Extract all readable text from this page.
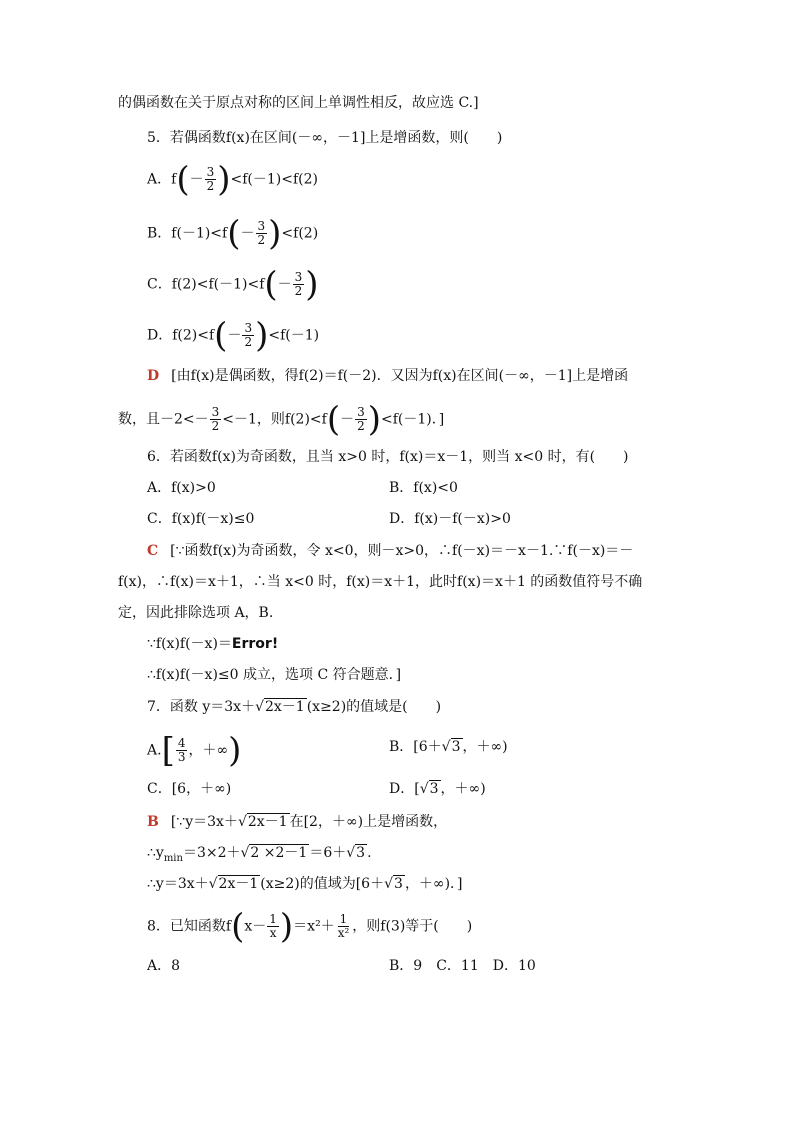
的偶函数在关于原点对称的区间上单调性相反，故应选 C.]
5．若偶函数f(x)在区间(－∞，－1]上是增函数，则(　　)
A．$f(- \frac{3}{2} )<f(-1)<f(2)$
B．$f(-1)<f(- \frac{3}{2} )<f(2)$
C．$f(2)<f(-1)<f(- \frac{3}{2}$ )
D．$f(2)<f(- \frac{3}{2} )<f(-1)$
D [由f(x)是偶函数，得f(2)＝f(－2)．又因为f(x)在区间(－∞，－1]上是增函
数，且$-2<- \frac{3}{2} <-1$，则$f(2)<f(- \frac{3}{2} )<f(-1)$．]
6．若函数f(x)为奇函数，且当 x>0 时，f(x)＝x－1，则当 x<0 时，有(　　)
A．f(x)>0	B．f(x)<0
C．f(x)f(－x)≤0	D．f(x)－f(－x)>0
C [∵函数f(x)为奇函数，令 x<0，则－x>0，∴f(－x)＝－x－1.∵f(－x)＝－
f(x)，∴f(x)＝x＋1，∴当 x<0 时，f(x)＝x＋1，此时f(x)＝x＋1 的函数值符号不确
定，因此排除选项 A，B.
∵f(x)f(－x)＝Error!
∴f(x)f(－x)≤0 成立，选项 C 符合题意．]
7．函数 y＝3x＋√2x－1 (x≥2)的值域是(　　)
$A.[ \frac{4}{3}$ ，＋∞)	B．[6＋√3 ，＋∞)
C．[6，＋∞)	D．[√3 ，＋∞)
B [∵y＝3x＋√2x－1 在[2，＋∞)上是增函数，
$\therefore y_{min}=3\times 2+√2 \times 2-1 =6+√3$ .
∴y＝3x＋√2x－1 (x≥2)的值域为[6＋√3 ，＋∞)．]
8．已知函数$f(x- \frac{1}{x} )=x^2+ \frac{1}{\text{x²}}$ ，则f(3)等于(　　)
A．8	B．9　C．11　D．10
